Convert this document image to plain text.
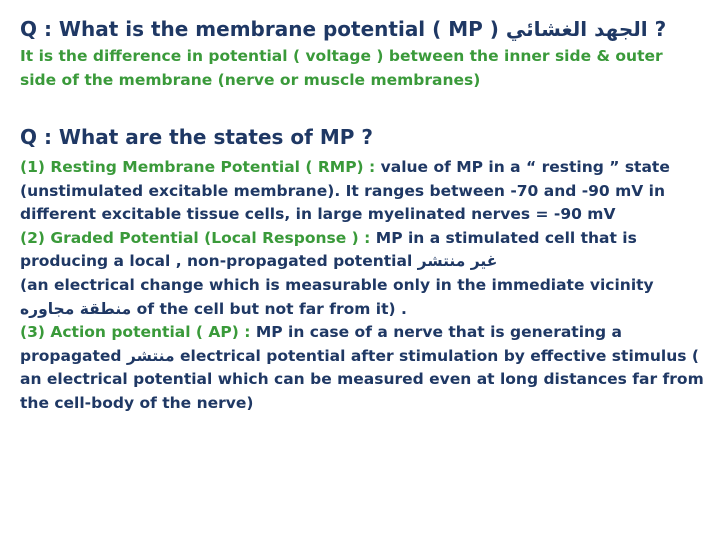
Q : What is the membrane potential ( MP ) الجهد الغشائي ?

It is the difference in potential ( voltage ) between the inner side & outer side of the membrane (nerve or muscle membranes)

Q : What are the states of MP ?

(1) Resting Membrane Potential ( RMP) : value of MP in a “ resting ” state (unstimulated excitable membrane). It ranges between -70 and -90 mV in different excitable tissue cells, in large myelinated nerves = -90 mV

(2) Graded Potential (Local Response ) : MP in a stimulated cell that is producing a local , non-propagated potential غير منتشر
(an electrical change which is measurable only in the immediate vicinity منطقة مجاوره of the cell but not far from it) .

(3) Action potential ( AP) : MP in case of a nerve that is generating a propagated منتشر electrical potential after stimulation by effective stimulus ( an electrical potential which can be measured even at long distances far from the cell-body of the nerve)
